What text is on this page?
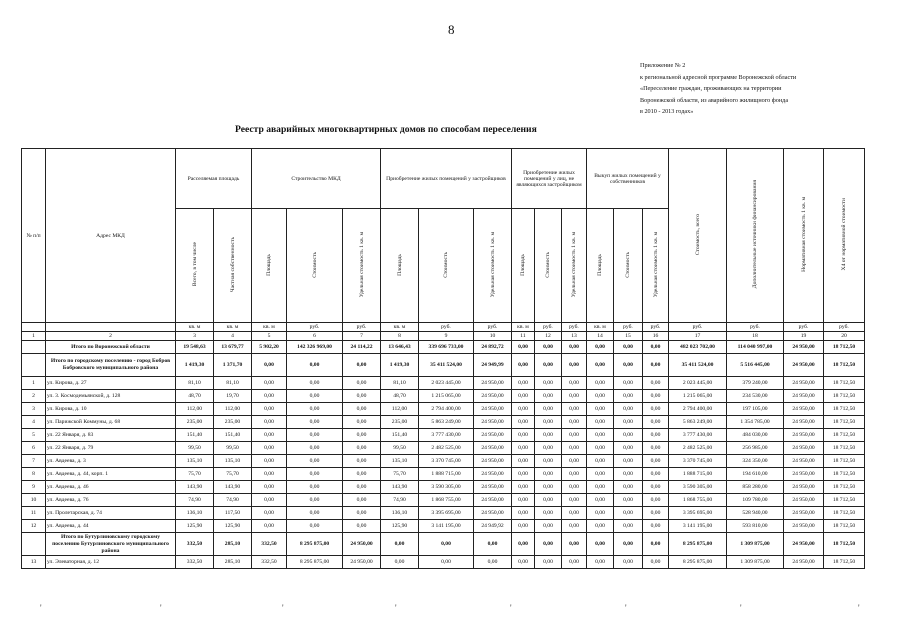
8
Приложение № 2
к региональной адресной программе Воронежской области
«Переселение граждан, проживающих на территории
Воронежской области, из аварийного жилищного фонда
в 2010 - 2013 годах»
Реестр аварийных многоквартирных домов по способам переселения
№ п/п	Адрес МКД	Расселяемая площадь		Строительство МКД			Приобретение жилых помещений у застройщиков			Приобретение жилых помещений у лиц, не являющихся застройщиком			Выкуп жилых помещений у собственников			Стоимость, всего	Дополнительные источники финансирования	Нормативная стоимость 1 кв. м	Х4 от нормативной стоимости
		Всего, в том числе	Частная собственность	Площадь	Стоимость	Удельная стоимость 1 кв. м	Площадь	Стоимость	Удельная стоимость 1 кв. м	Площадь	Стоимость	Удельная стоимость 1 кв. м	Площадь	Стоимость	Удельная стоимость 1 кв. м				
		кв. м	кв. м	кв. м	руб.	руб.	кв. м	руб.	руб.	кв. м	руб.	руб.	кв. м	руб.	руб.	руб.	руб.	руб.	руб.
1	2	3	4	5	6	7	8	9	10	11	12	13	14	15	16	17	18	19	20
	Итого по Воронежской области	19 548,63	13 679,77	5 902,20	142 326 969,00	24 114,22	13 646,43	339 696 733,00	24 892,72	0,00	0,00	0,00	0,00	0,00	0,00	482 023 702,00	114 040 997,00	24 950,00	18 712,50
	Итого по городскому поселению - город Бобров Бобровского муниципального района	1 419,30	1 371,70	0,00	0,00	0,00	1 419,30	35 411 524,00	24 949,99	0,00	0,00	0,00	0,00	0,00	0,00	35 411 524,00	5 516 445,00	24 950,00	18 712,50
1	ул. Кирова, д. 27	81,10	81,10	0,00	0,00	0,00	81,10	2 023 445,00	24 950,00	0,00	0,00	0,00	0,00	0,00	0,00	2 023 445,00	379 240,00	24 950,00	18 712,50
2	ул. 3. Космодемьянской, д. 128	48,70	19,70	0,00	0,00	0,00	48,70	1 215 065,00	24 950,00	0,00	0,00	0,00	0,00	0,00	0,00	1 215 065,00	234 530,00	24 950,00	18 712,50
3	ул. Кирова, д. 10	112,00	112,00	0,00	0,00	0,00	112,00	2 794 400,00	24 950,00	0,00	0,00	0,00	0,00	0,00	0,00	2 794 400,00	197 105,00	24 950,00	18 712,50
4	ул. Парижской Коммуны, д. 68	235,00	235,00	0,00	0,00	0,00	235,00	5 863 249,00	24 950,00	0,00	0,00	0,00	0,00	0,00	0,00	5 863 249,00	1 354 785,00	24 950,00	18 712,50
5	ул. 22 Января, д. 83	151,40	151,40	0,00	0,00	0,00	151,40	3 777 430,00	24 950,00	0,00	0,00	0,00	0,00	0,00	0,00	3 777 430,00	484 030,00	24 950,00	18 712,50
6	ул. 22 Января, д. 79	99,50	99,50	0,00	0,00	0,00	99,50	2 482 525,00	24 950,00	0,00	0,00	0,00	0,00	0,00	0,00	2 482 525,00	256 985,00	24 950,00	18 712,50
7	ул. Авдеева, д. 3	135,10	135,10	0,00	0,00	0,00	135,10	3 370 745,00	24 950,00	0,00	0,00	0,00	0,00	0,00	0,00	3 370 745,00	324 350,00	24 950,00	18 712,50
8	ул. Авдеева, д. 44, корп. 1	75,70	75,70	0,00	0,00	0,00	75,70	1 888 715,00	24 950,00	0,00	0,00	0,00	0,00	0,00	0,00	1 888 715,00	194 610,00	24 950,00	18 712,50
9	ул. Авдеева, д. 46	143,90	143,90	0,00	0,00	0,00	143,90	3 590 305,00	24 950,00	0,00	0,00	0,00	0,00	0,00	0,00	3 590 305,00	858 280,00	24 950,00	18 712,50
10	ул. Авдеева, д. 76	74,90	74,90	0,00	0,00	0,00	74,90	1 868 755,00	24 950,00	0,00	0,00	0,00	0,00	0,00	0,00	1 868 755,00	109 780,00	24 950,00	18 712,50
11	ул. Пролетарская, д. 74	136,10	117,50	0,00	0,00	0,00	136,10	3 395 695,00	24 950,00	0,00	0,00	0,00	0,00	0,00	0,00	3 395 695,00	528 940,00	24 950,00	18 712,50
12	ул. Авдеева, д. 44	125,90	125,90	0,00	0,00	0,00	125,90	3 141 195,00	24 949,92	0,00	0,00	0,00	0,00	0,00	0,00	3 141 195,00	593 810,00	24 950,00	18 712,50
	Итого по Бутурлиновскому городскому поселению Бутурлиновского муниципального района	332,50	285,10	332,50	8 295 875,00	24 950,00	0,00	0,00	0,00	0,00	0,00	0,00	0,00	0,00	0,00	8 295 875,00	1 309 875,00	24 950,00	18 712,50
13	ул. Элеваторная, д. 12	332,50	285,10	332,50	8 295 875,00	24 950,00	0,00	0,00	0,00	0,00	0,00	0,00	0,00	0,00	0,00	8 295 875,00	1 309 875,00	24 950,00	18 712,50
'	'	'	'	'	'	'	'
